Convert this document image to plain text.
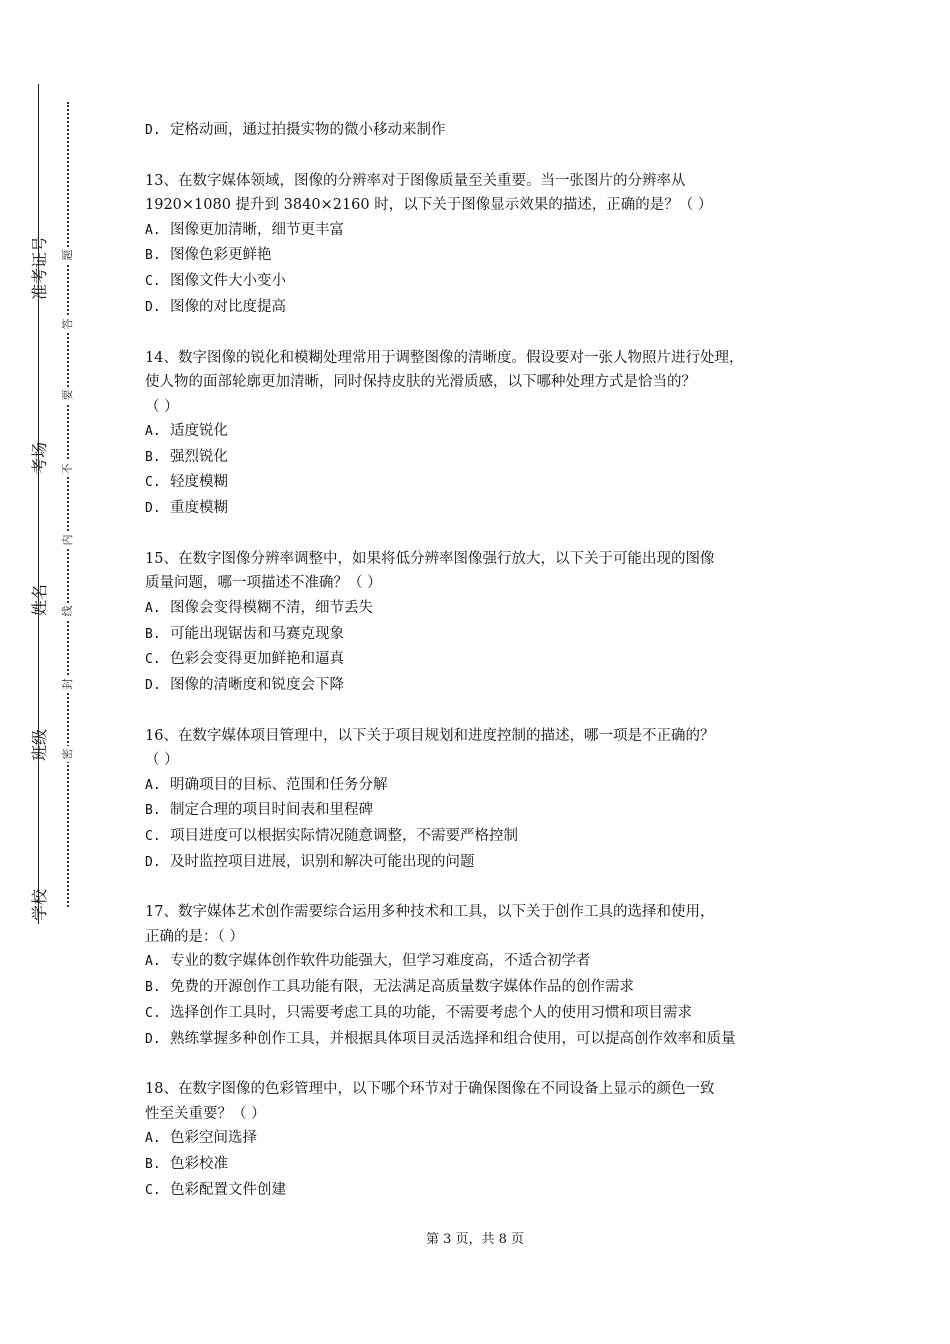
准考证号
考场
姓名
班级
学校
题
答
要
不
内
线
封
密
D. 定格动画，通过拍摄实物的微小移动来制作
13、在数字媒体领域，图像的分辨率对于图像质量至关重要。当一张图片的分辨率从
1920×1080 提升到 3840×2160 时，以下关于图像显示效果的描述，正确的是？（ ）
A. 图像更加清晰，细节更丰富
B. 图像色彩更鲜艳
C. 图像文件大小变小
D. 图像的对比度提高
14、数字图像的锐化和模糊处理常用于调整图像的清晰度。假设要对一张人物照片进行处理，
使人物的面部轮廓更加清晰，同时保持皮肤的光滑质感，以下哪种处理方式是恰当的？
（ ）
A. 适度锐化
B. 强烈锐化
C. 轻度模糊
D. 重度模糊
15、在数字图像分辨率调整中，如果将低分辨率图像强行放大，以下关于可能出现的图像
质量问题，哪一项描述不准确？（ ）
A. 图像会变得模糊不清，细节丢失
B. 可能出现锯齿和马赛克现象
C. 色彩会变得更加鲜艳和逼真
D. 图像的清晰度和锐度会下降
16、在数字媒体项目管理中，以下关于项目规划和进度控制的描述，哪一项是不正确的？
（ ）
A. 明确项目的目标、范围和任务分解
B. 制定合理的项目时间表和里程碑
C. 项目进度可以根据实际情况随意调整，不需要严格控制
D. 及时监控项目进展，识别和解决可能出现的问题
17、数字媒体艺术创作需要综合运用多种技术和工具，以下关于创作工具的选择和使用，
正确的是：（ ）
A. 专业的数字媒体创作软件功能强大，但学习难度高，不适合初学者
B. 免费的开源创作工具功能有限，无法满足高质量数字媒体作品的创作需求
C. 选择创作工具时，只需要考虑工具的功能，不需要考虑个人的使用习惯和项目需求
D. 熟练掌握多种创作工具，并根据具体项目灵活选择和组合使用，可以提高创作效率和质量
18、在数字图像的色彩管理中，以下哪个环节对于确保图像在不同设备上显示的颜色一致
性至关重要？（ ）
A. 色彩空间选择
B. 色彩校准
C. 色彩配置文件创建
第 3 页，共 8 页
